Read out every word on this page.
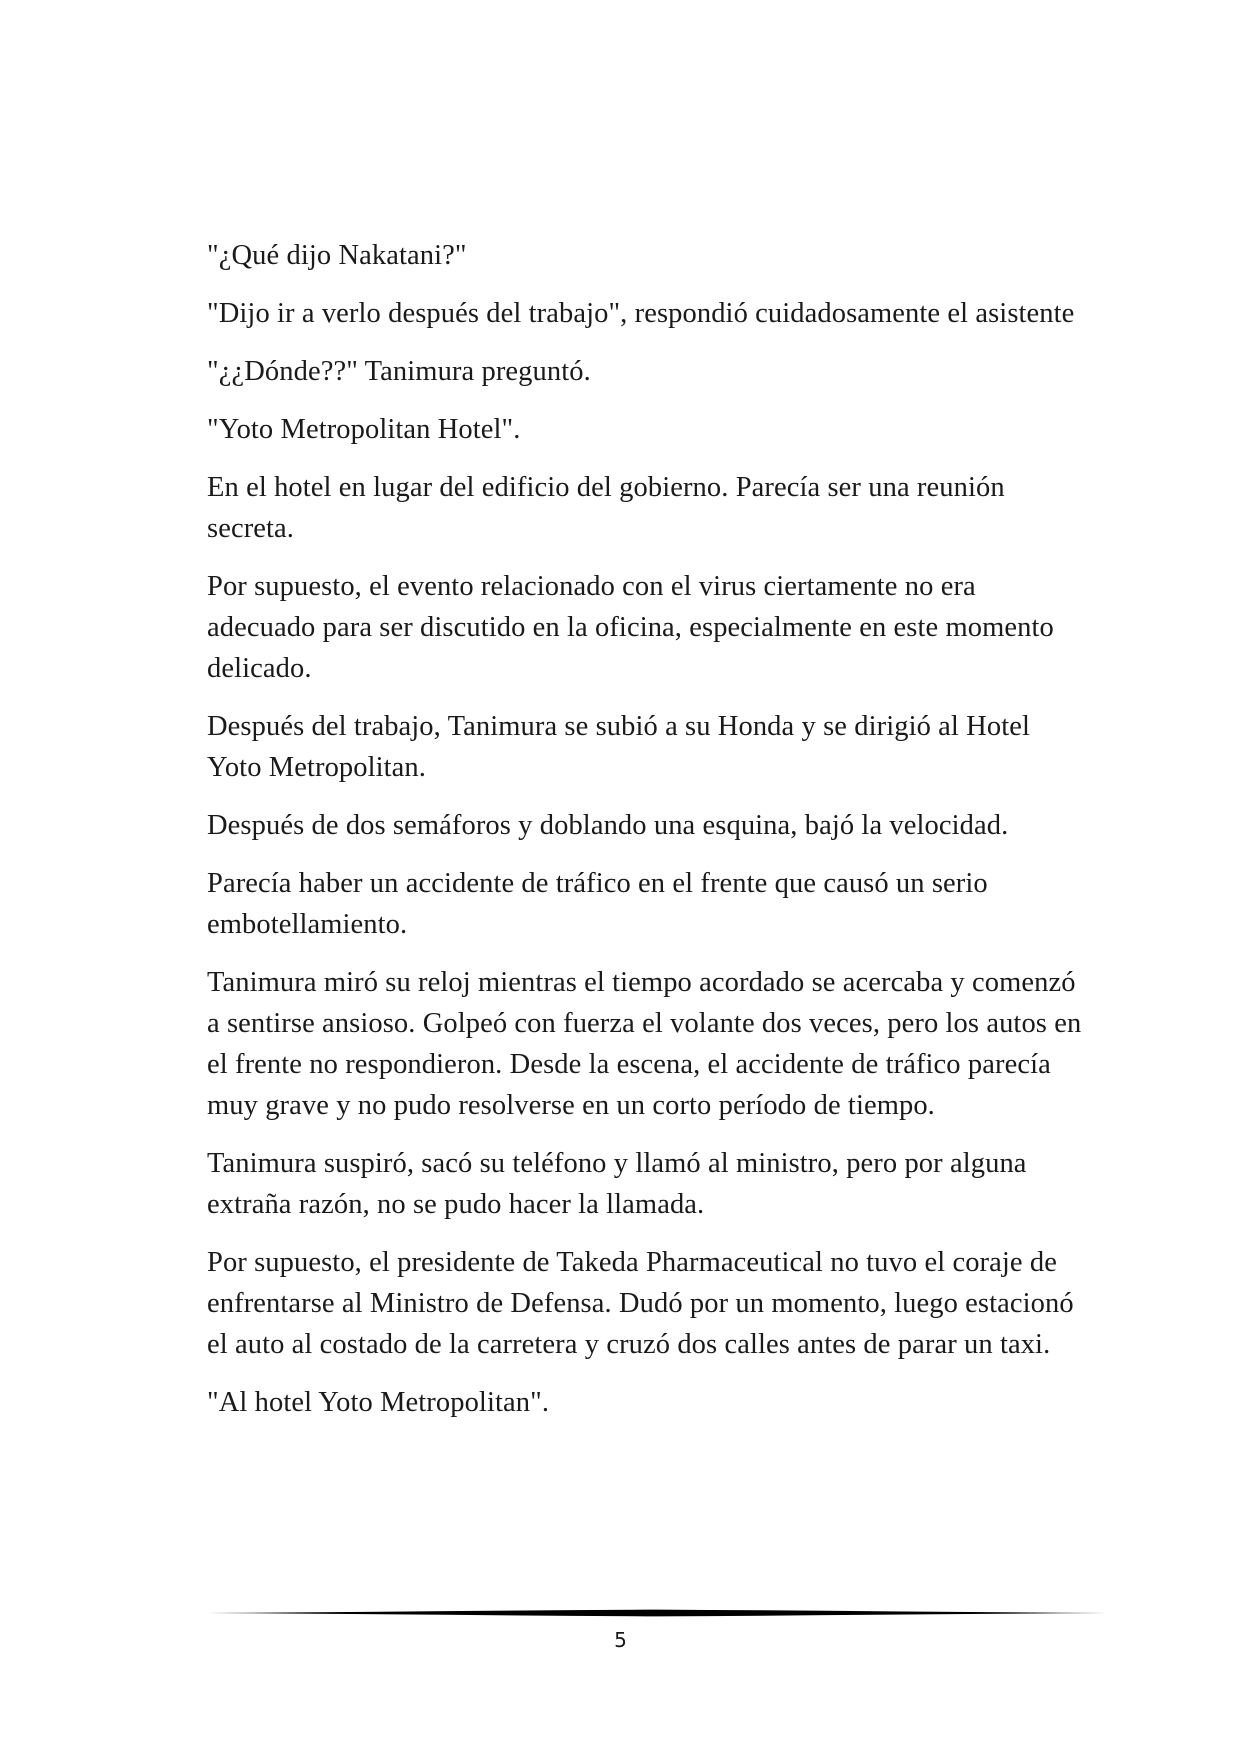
"¿Qué dijo Nakatani?"

"Dijo ir a verlo después del trabajo", respondió cuidadosamente el asistente

"¿¿Dónde??" Tanimura preguntó.

"Yoto Metropolitan Hotel".

En el hotel en lugar del edificio del gobierno. Parecía ser una reunión secreta.

Por supuesto, el evento relacionado con el virus ciertamente no era adecuado para ser discutido en la oficina, especialmente en este momento delicado.

Después del trabajo, Tanimura se subió a su Honda y se dirigió al Hotel Yoto Metropolitan.

Después de dos semáforos y doblando una esquina, bajó la velocidad.

Parecía haber un accidente de tráfico en el frente que causó un serio embotellamiento.

Tanimura miró su reloj mientras el tiempo acordado se acercaba y comenzó a sentirse ansioso. Golpeó con fuerza el volante dos veces, pero los autos en el frente no respondieron. Desde la escena, el accidente de tráfico parecía muy grave y no pudo resolverse en un corto período de tiempo.

Tanimura suspiró, sacó su teléfono y llamó al ministro, pero por alguna extraña razón, no se pudo hacer la llamada.

Por supuesto, el presidente de Takeda Pharmaceutical no tuvo el coraje de enfrentarse al Ministro de Defensa. Dudó por un momento, luego estacionó el auto al costado de la carretera y cruzó dos calles antes de parar un taxi.

"Al hotel Yoto Metropolitan".

5
